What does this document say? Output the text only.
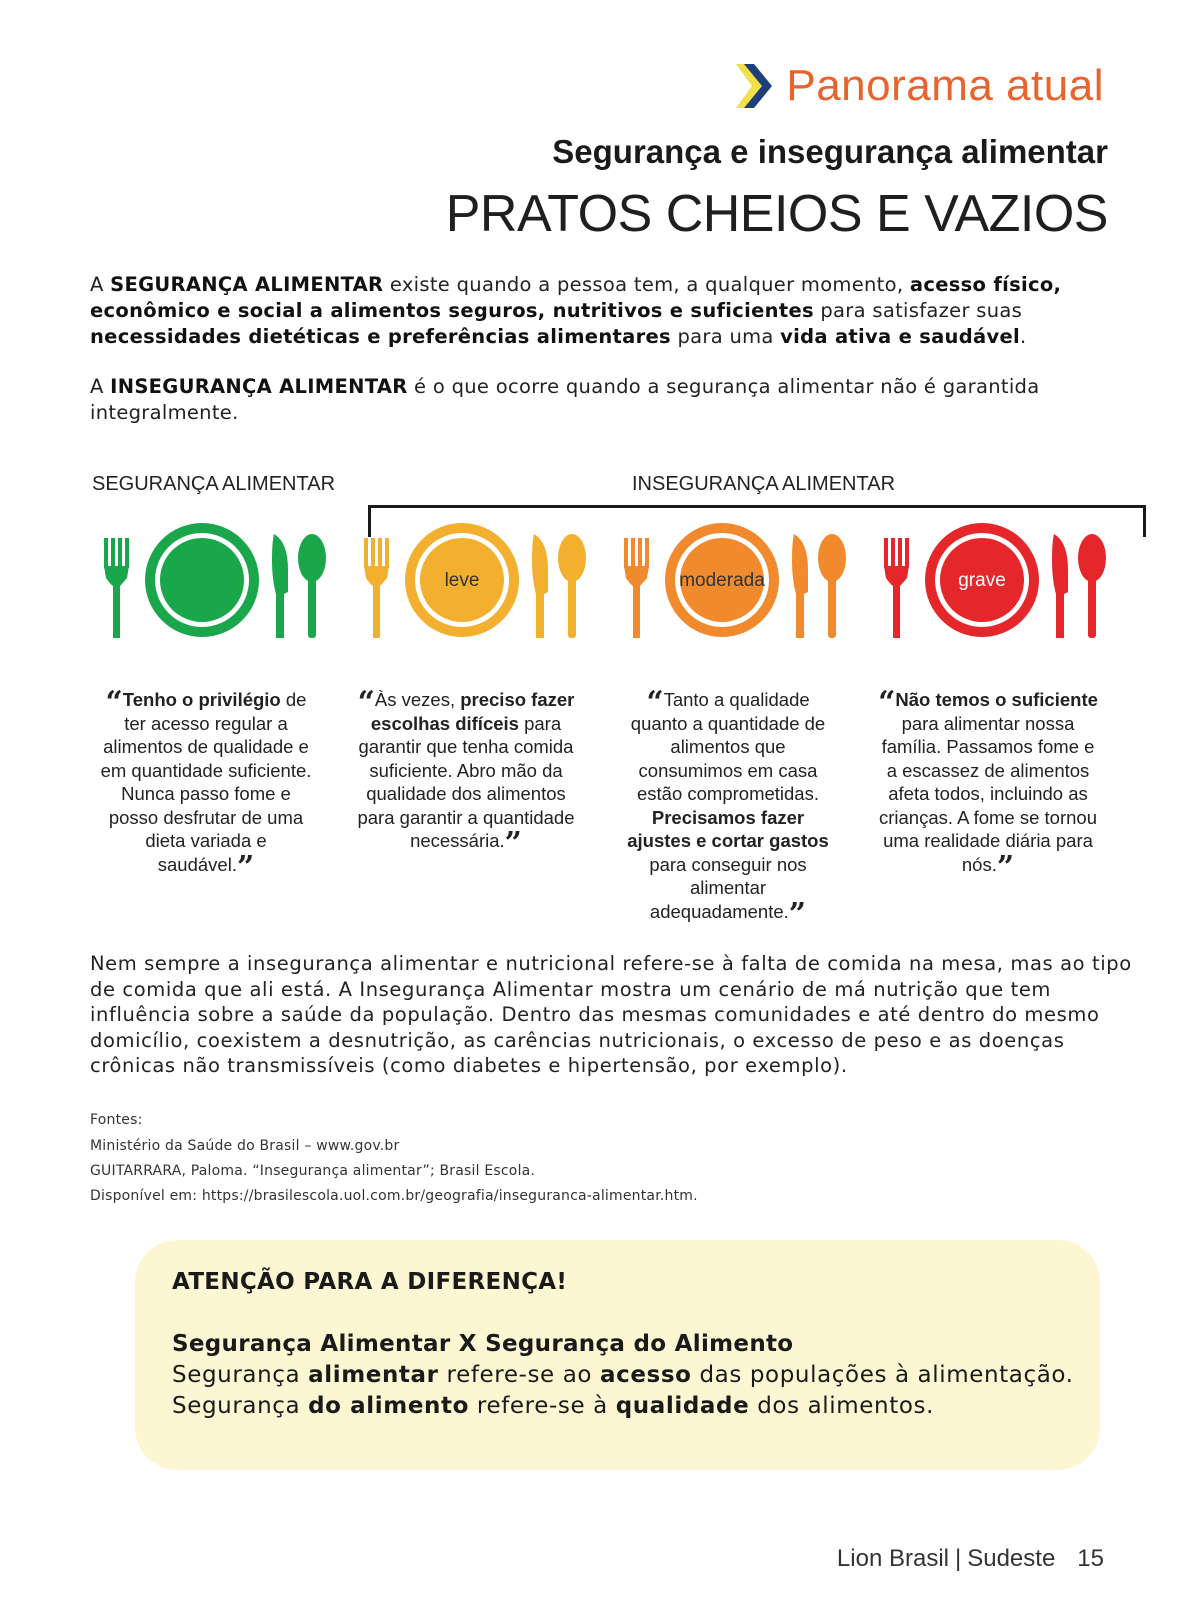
Panorama atual
Segurança e insegurança alimentar
PRATOS CHEIOS E VAZIOS
A SEGURANÇA ALIMENTAR existe quando a pessoa tem, a qualquer momento, acesso físico, econômico e social a alimentos seguros, nutritivos e suficientes para satisfazer suas necessidades dietéticas e preferências alimentares para uma vida ativa e saudável.
A INSEGURANÇA ALIMENTAR é o que ocorre quando a segurança alimentar não é garantida integralmente.
SEGURANÇA ALIMENTAR	INSEGURANÇA ALIMENTAR
leve	moderada	grave
“Tenho o privilégio de ter acesso regular a alimentos de qualidade e em quantidade suficiente. Nunca passo fome e posso desfrutar de uma dieta variada e saudável.”
“Às vezes, preciso fazer escolhas difíceis para garantir que tenha comida suficiente. Abro mão da qualidade dos alimentos para garantir a quantidade necessária.”
“Tanto a qualidade quanto a quantidade de alimentos que consumimos em casa estão comprometidas. Precisamos fazer ajustes e cortar gastos para conseguir nos alimentar adequadamente.”
“Não temos o suficiente para alimentar nossa família. Passamos fome e a escassez de alimentos afeta todos, incluindo as crianças. A fome se tornou uma realidade diária para nós.”
Nem sempre a insegurança alimentar e nutricional refere-se à falta de comida na mesa, mas ao tipo de comida que ali está. A Insegurança Alimentar mostra um cenário de má nutrição que tem influência sobre a saúde da população. Dentro das mesmas comunidades e até dentro do mesmo domicílio, coexistem a desnutrição, as carências nutricionais, o excesso de peso e as doenças crônicas não transmissíveis (como diabetes e hipertensão, por exemplo).
Fontes:
Ministério da Saúde do Brasil – www.gov.br
GUITARRARA, Paloma. “Insegurança alimentar”; Brasil Escola.
Disponível em: https://brasilescola.uol.com.br/geografia/inseguranca-alimentar.htm.
ATENÇÃO PARA A DIFERENÇA!
Segurança Alimentar X Segurança do Alimento
Segurança alimentar refere-se ao acesso das populações à alimentação.
Segurança do alimento refere-se à qualidade dos alimentos.
Lion Brasil | Sudeste 15
